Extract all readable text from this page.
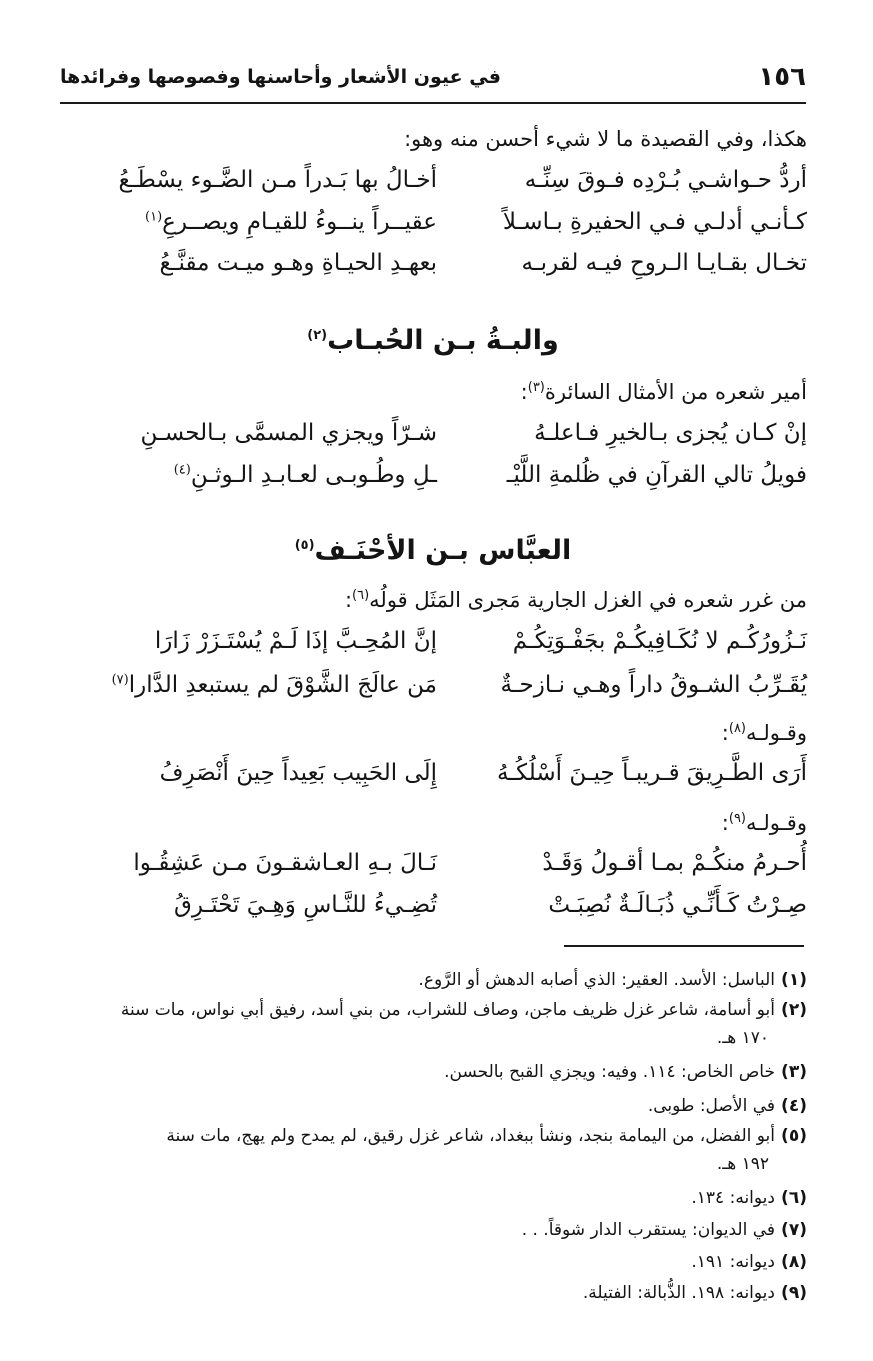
١٥٦
في عيون الأشعار وأحاسنها وفصوصها وفرائدها
هكذا، وفي القصيدة ما لا شيء أحسن منه وهو:
أردُّ حـواشـي بُـرْدِه فـوقَ سِنِّـه
أخـالُ بها بَـدراً مـن الضَّـوء يسْطَـعُ
كـأنـي أدلـي فـي الحفيرةِ بـاسـلاً
عقيــراً ينــوءُ للقيـامِ ويصــرعِ$^{(١)}$
تخـال بقـايـا الـروحِ فيـه لقربـه
بعهـدِ الحيـاةِ وهـو ميـت مقنَّـعُ
والبـةُ بـن الحُبـاب$^{(٢)}$
أمير شعره من الأمثال السائرة$^{(٣)}$:
إنْ كـان يُجزى بـالخيرِ فـاعلـهُ
شـرّاً ويجزي المسمَّى بـالحسـنِ
فويلُ تالي القرآنِ في ظُلمةِ اللَّيْـ
ـلِ وطُـوبـى لعـابـدِ الـوثـنِ$^{(٤)}$
العبَّاس بـن الأحْنَـف$^{(٥)}$
من غرر شعره في الغزل الجارية مَجرى المَثَل قولُه$^{(٦)}$:
نَـزُورُكُـم لا نُكَـافِيكُـمْ بجَفْـوَتِكُـمْ
إنَّ المُحِـبَّ إذَا لَـمْ يُسْتَـزَرْ زَارَا
يُقَـرِّبُ الشـوقُ داراً وهـي نـازحـةٌ
مَن عالَجَ الشَّوْقَ لم يستبعدِ الدَّارا$^{(٧)}$
وقـولـه$^{(٨)}$:
أَرَى الطَّـرِيقَ قـريبـاً حِيـنَ أَسْلُكُـهُ
إِلَى الحَبِيب بَعِيداً حِينَ أَنْصَرِفُ
وقـولـه$^{(٩)}$:
أُحـرمُ منكُـمْ بمـا أقـولُ وَقَـدْ
نَـالَ بـهِ العـاشقـونَ مـن عَشِقُـوا
صِـرْتُ كَـأَنِّـي ذُبَـالَـةٌ نُصِبَـتْ
تُضِـيءُ للنَّـاسِ وَهِـيَ تَحْتَـرِقُ
(١)الباسل: الأسد. العقير: الذي أصابه الدهش أو الرَّوع.
(٢)أبو أسامة، شاعر غزل ظريف ماجن، وصاف للشراب، من بني أسد، رفيق أبي نواس، مات سنة
١٧٠ هـ.
(٣)خاص الخاص: ١١٤. وفيه: ويجزي القبح بالحسن.
(٤)في الأصل: طوبى.
(٥)أبو الفضل، من اليمامة بنجد، ونشأ ببغداد، شاعر غزل رقيق، لم يمدح ولم يهج، مات سنة
١٩٢ هـ.
(٦)ديوانه: ١٣٤.
(٧)في الديوان: يستقرب الدار شوقاً. . .
(٨)ديوانه: ١٩١.
(٩)ديوانه: ١٩٨. الذُّبالة: الفتيلة.
